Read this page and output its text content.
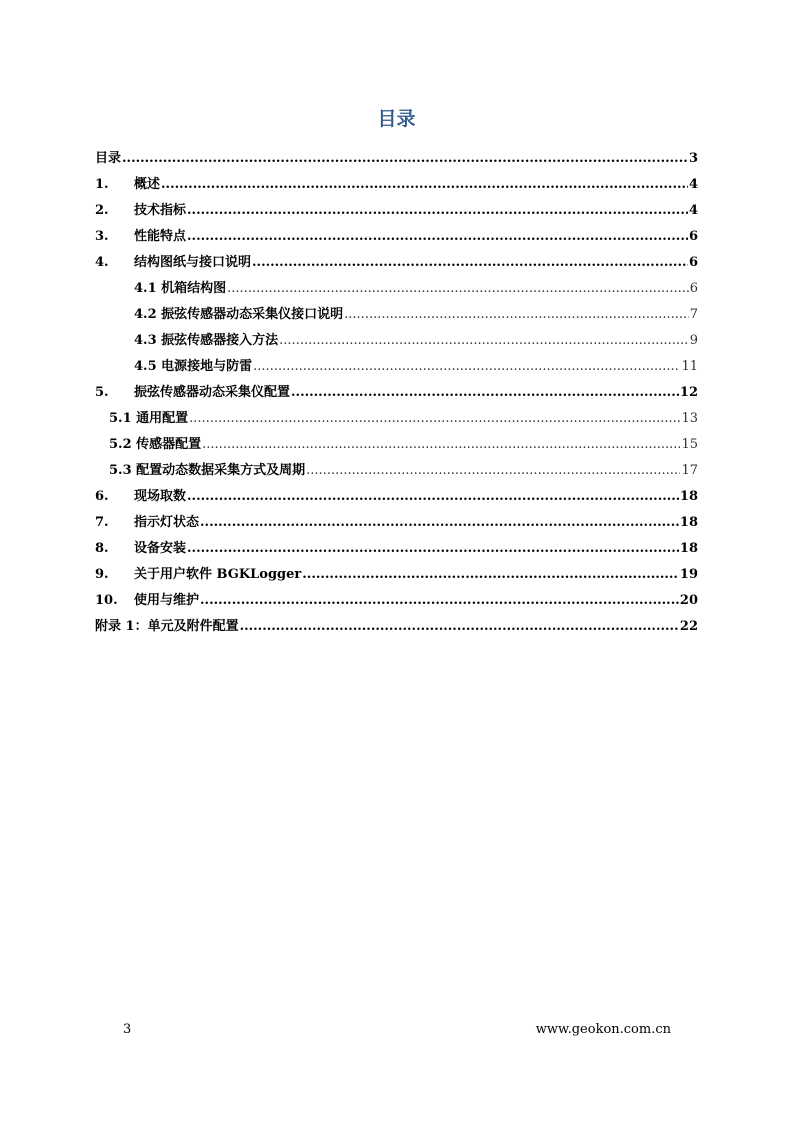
目录
目录 .....	3
1.	概述 .....	4
2.	技术指标 .....	4
3.	性能特点 .....	6
4.	结构图纸与接口说明 .....	6
4.1 机箱结构图 .....	6
4.2 振弦传感器动态采集仪接口说明 .....	7
4.3 振弦传感器接入方法 .....	9
4.5 电源接地与防雷 .....	11
5.	振弦传感器动态采集仪配置 .....	12
5.1 通用配置 .....	13
5.2 传感器配置 .....	15
5.3 配置动态数据采集方式及周期 .....	17
6.	现场取数 .....	18
7.	指示灯状态 .....	18
8.	设备安装 .....	18
9.	关于用户软件 BGKLogger .....	19
10.	使用与维护 .....	20
附录 1：单元及附件配置 .....	22
3	www.geokon.com.cn
